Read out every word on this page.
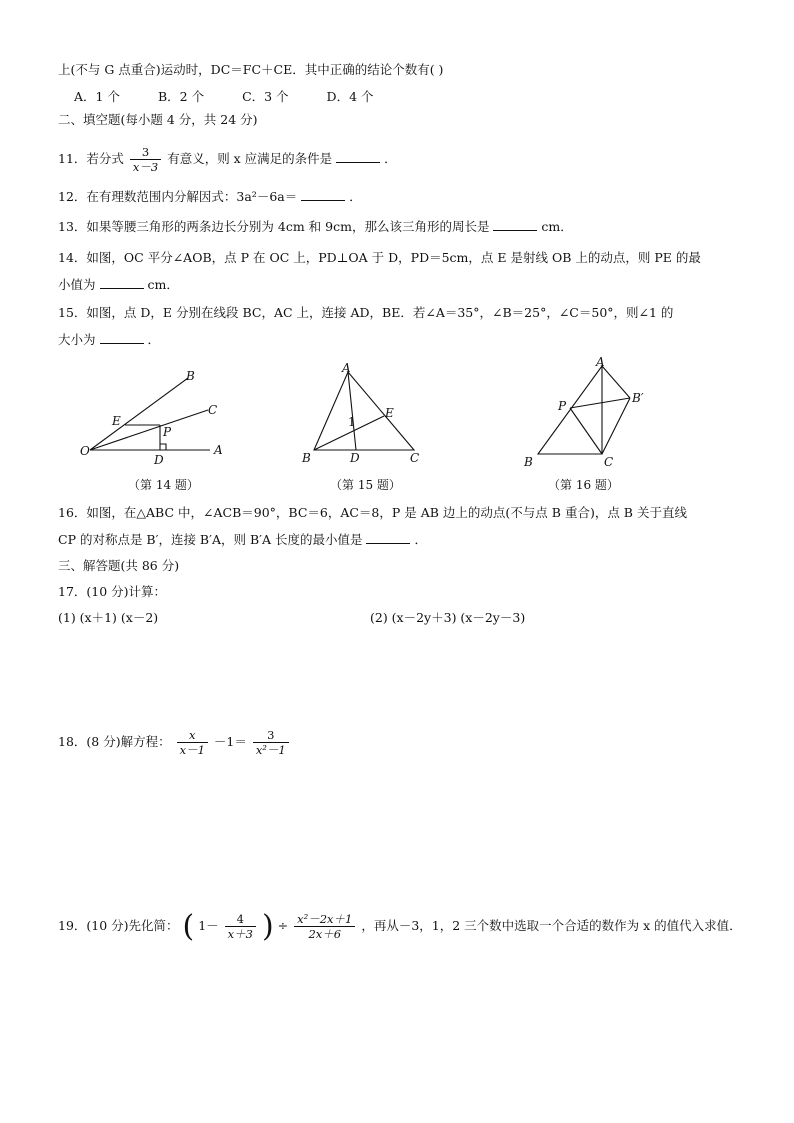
上(不与 G 点重合)运动时，DC＝FC＋CE．其中正确的结论个数有( )
A．1 个	B．2 个	C．3 个	D．4 个
二、填空题(每小题 4 分，共 24 分)
11．若分式 $\frac{3}{x-3}$ 有意义，则 x 应满足的条件是	．
12．在有理数范围内分解因式：3a²－6a＝	．
13．如果等腰三角形的两条边长分别为 4cm 和 9cm，那么该三角形的周长是	cm．
14．如图，OC 平分∠AOB，点 P 在 OC 上，PD⊥OA 于 D，PD＝5cm，点 E 是射线 OB 上的动点，则 PE 的最
小值为	cm．
15．如图，点 D，E 分别在线段 BC，AC 上，连接 AD，BE．若∠A＝35°，∠B＝25°，∠C＝50°，则∠1 的
大小为	．
O	A
B
C
E
P
D
（第 14 题）
A
B	C
D
E
1
（第 15 题）
A
B	C
P
B′
（第 16 题）
16．如图，在△ABC 中，∠ACB＝90°，BC＝6，AC＝8，P 是 AB 边上的动点(不与点 B 重合)，点 B 关于直线
CP 的对称点是 B′，连接 B′A，则 B′A 长度的最小值是	．
三、解答题(共 86 分)
17．(10 分)计算：
(1) (x＋1) (x－2)	(2) (x－2y＋3) (x－2y－3)
18．(8 分)解方程： $\frac{x}{x-1} -1= \frac{3}{\text{x²－1}}$
19．(10 分)先化简： ( $1- \frac{4}{x+3}$ ) ÷ $\frac{\text{x²－2x＋1}}{2x+6}$ ，再从－3，1，2 三个数中选取一个合适的数作为 x 的值代入求值．
